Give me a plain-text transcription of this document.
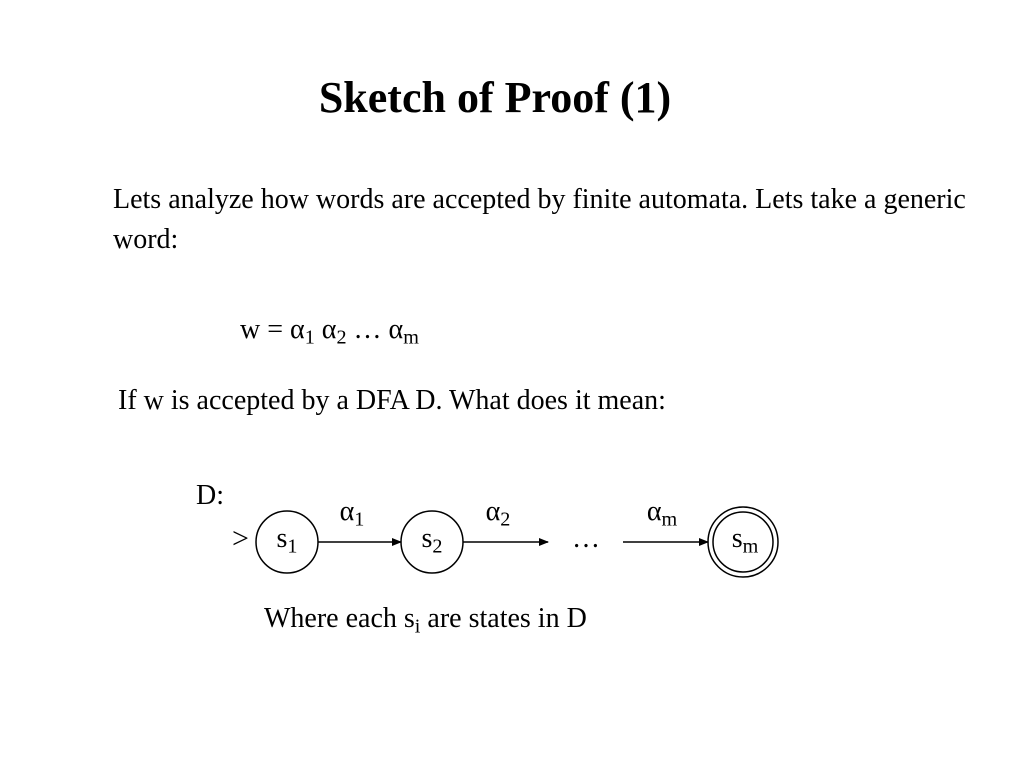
Sketch of Proof (1)
Lets analyze how words are accepted by finite automata. Lets take a generic word:
$w = \alpha_1$ $\alpha_2$ … $\alpha_m$
If w is accepted by a DFA D. What does it mean:
D:
> $s_1$	$s_2$	$s_m$
$\alpha_1$	$\alpha_2$	$\alpha_m$
…
Where each $s_i$ are states in D
